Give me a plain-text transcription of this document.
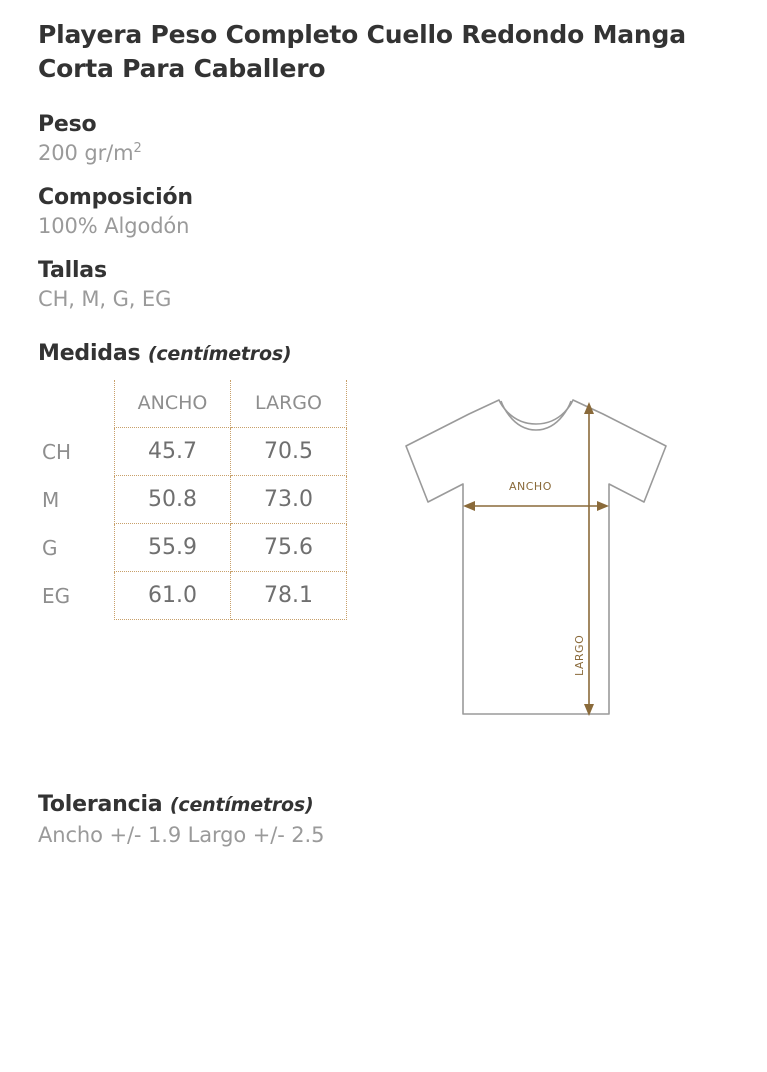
Playera Peso Completo Cuello Redondo Manga Corta Para Caballero
Peso
200 $gr/m^2$
Composición
100% Algodón
Tallas
CH, M, G, EG
Medidas (centímetros)
	ANCHO	LARGO
CH	45.7	70.5
M	50.8	73.0
G	55.9	75.6
EG	61.0	78.1
ANCHO
LARGO
Tolerancia (centímetros)
Ancho +/- 1.9 Largo +/- 2.5
